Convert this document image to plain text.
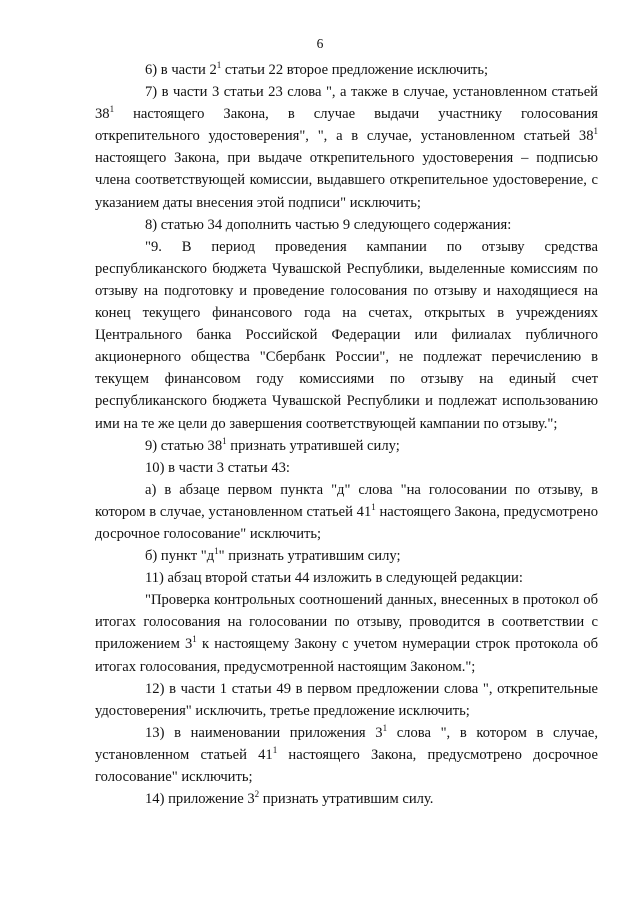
6

6) в части $2^1$ статьи 22 второе предложение исключить;

7) в части 3 статьи 23 слова ", а также в случае, установленном статьей $38^1$ настоящего Закона, в случае выдачи участнику голосования открепительного удостоверения", ", а в случае, установленном статьей $38^1$ настоящего Закона, при выдаче открепительного удостоверения – подписью члена соответствующей комиссии, выдавшего открепительное удостоверение, с указанием даты внесения этой подписи" исключить;

8) статью 34 дополнить частью 9 следующего содержания:

"9. В период проведения кампании по отзыву средства республиканского бюджета Чувашской Республики, выделенные комиссиям по отзыву на подготовку и проведение голосования по отзыву и находящиеся на конец текущего финансового года на счетах, открытых в учреждениях Центрального банка Российской Федерации или филиалах публичного акционерного общества "Сбербанк России", не подлежат перечислению в текущем финансовом году комиссиями по отзыву на единый счет республиканского бюджета Чувашской Республики и подлежат использованию ими на те же цели до завершения соответствующей кампании по отзыву.";

9) статью $38^1$ признать утратившей силу;

10) в части 3 статьи 43:

а) в абзаце первом пункта "д" слова "на голосовании по отзыву, в котором в случае, установленном статьей $41^1$ настоящего Закона, предусмотрено досрочное голосование" исключить;

б) пункт "$д^1$" признать утратившим силу;

11) абзац второй статьи 44 изложить в следующей редакции:

"Проверка контрольных соотношений данных, внесенных в протокол об итогах голосования на голосовании по отзыву, проводится в соответствии с приложением $3^1$ к настоящему Закону с учетом нумерации строк протокола об итогах голосования, предусмотренной настоящим Законом.";

12) в части 1 статьи 49 в первом предложении слова ", открепительные удостоверения" исключить, третье предложение исключить;

13) в наименовании приложения $3^1$ слова ", в котором в случае, установленном статьей $41^1$ настоящего Закона, предусмотрено досрочное голосование" исключить;

14) приложение $3^2$ признать утратившим силу.
